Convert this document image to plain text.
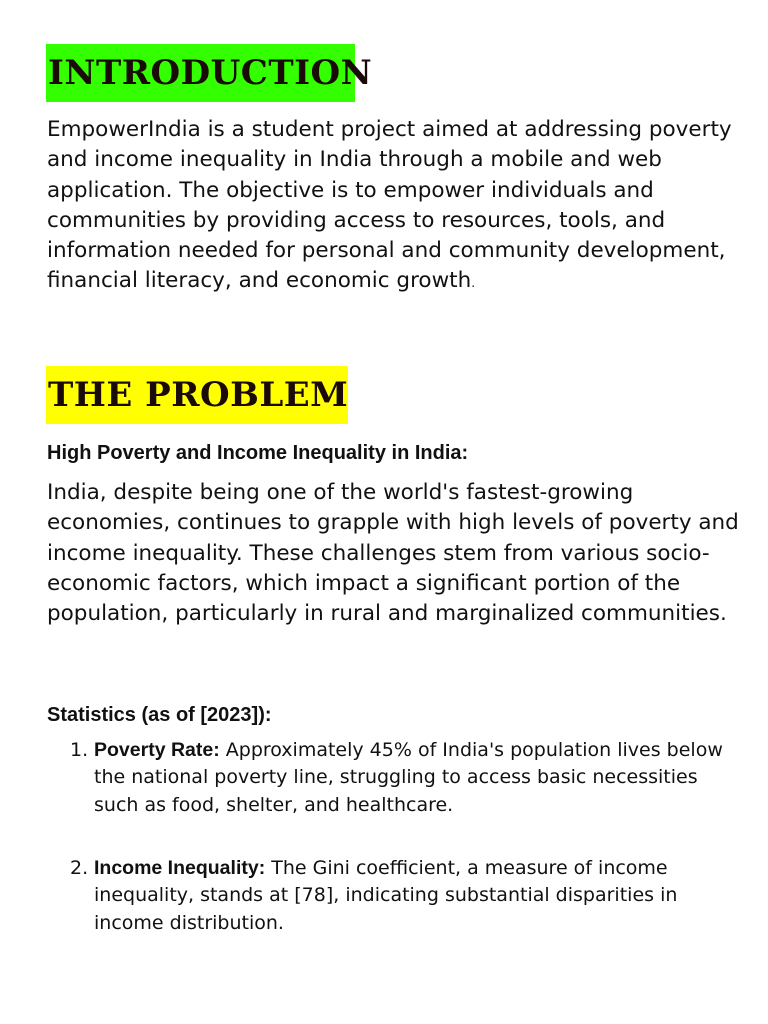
INTRODUCTION

EmpowerIndia is a student project aimed at addressing poverty and income inequality in India through a mobile and web application. The objective is to empower individuals and communities by providing access to resources, tools, and information needed for personal and community development, financial literacy, and economic growth.

THE PROBLEM
High Poverty and Income Inequality in India:

India, despite being one of the world's fastest-growing economies, continues to grapple with high levels of poverty and income inequality. These challenges stem from various socio-economic factors, which impact a significant portion of the population, particularly in rural and marginalized communities.

Statistics (as of [2023]):
1. Poverty Rate: Approximately 45% of India's population lives below the national poverty line, struggling to access basic necessities such as food, shelter, and healthcare.

2. Income Inequality: The Gini coefficient, a measure of income inequality, stands at [78], indicating substantial disparities in income distribution.
